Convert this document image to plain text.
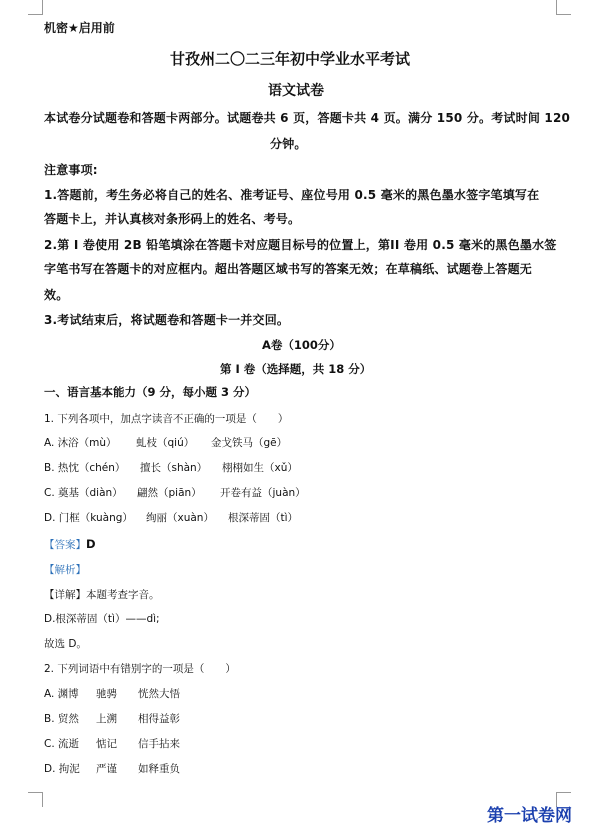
机密★启用前
甘孜州二〇二三年初中学业水平考试
语文试卷
本试卷分试题卷和答题卡两部分。试题卷共 6 页，答题卡共 4 页。满分 150 分。考试时间 120
分钟。
注意事项:
1.答题前，考生务必将自己的姓名、准考证号、座位号用 0.5 毫米的黑色墨水签字笔填写在
答题卡上，并认真核对条形码上的姓名、考号。
2.第 I 卷使用 2B 铅笔填涂在答题卡对应题目标号的位置上，第II 卷用 0.5 毫米的黑色墨水签
字笔书写在答题卡的对应框内。超出答题区域书写的答案无效；在草稿纸、试题卷上答题无
效。
3.考试结束后，将试题卷和答题卡一并交回。
A卷（100分）
第 I 卷（选择题，共 18 分）
一、语言基本能力（9 分，每小题 3 分）
1. 下列各项中，加点字读音不正确的一项是（　　）
A. 沐浴（mù） 虬枝（qiú） 金戈铁马（gē）
B. 热忱（chén） 擅长（shàn） 栩栩如生（xǔ）
C. 奠基（diàn） 翩然（piān） 开卷有益（juàn）
D. 门框（kuàng） 绚丽（xuàn） 根深蒂固（tì）
【答案】D
【解析】
【详解】本题考查字音。
D.根深蒂固（tì）——dì;
故选 D。
2. 下列词语中有错别字的一项是（　　）
A. 渊博 驰骋 恍然大悟
B. 贸然 上溯 相得益彰
C. 流逝 惦记 信手拈来
D. 拘泥 严谨 如释重负
第一试卷网
